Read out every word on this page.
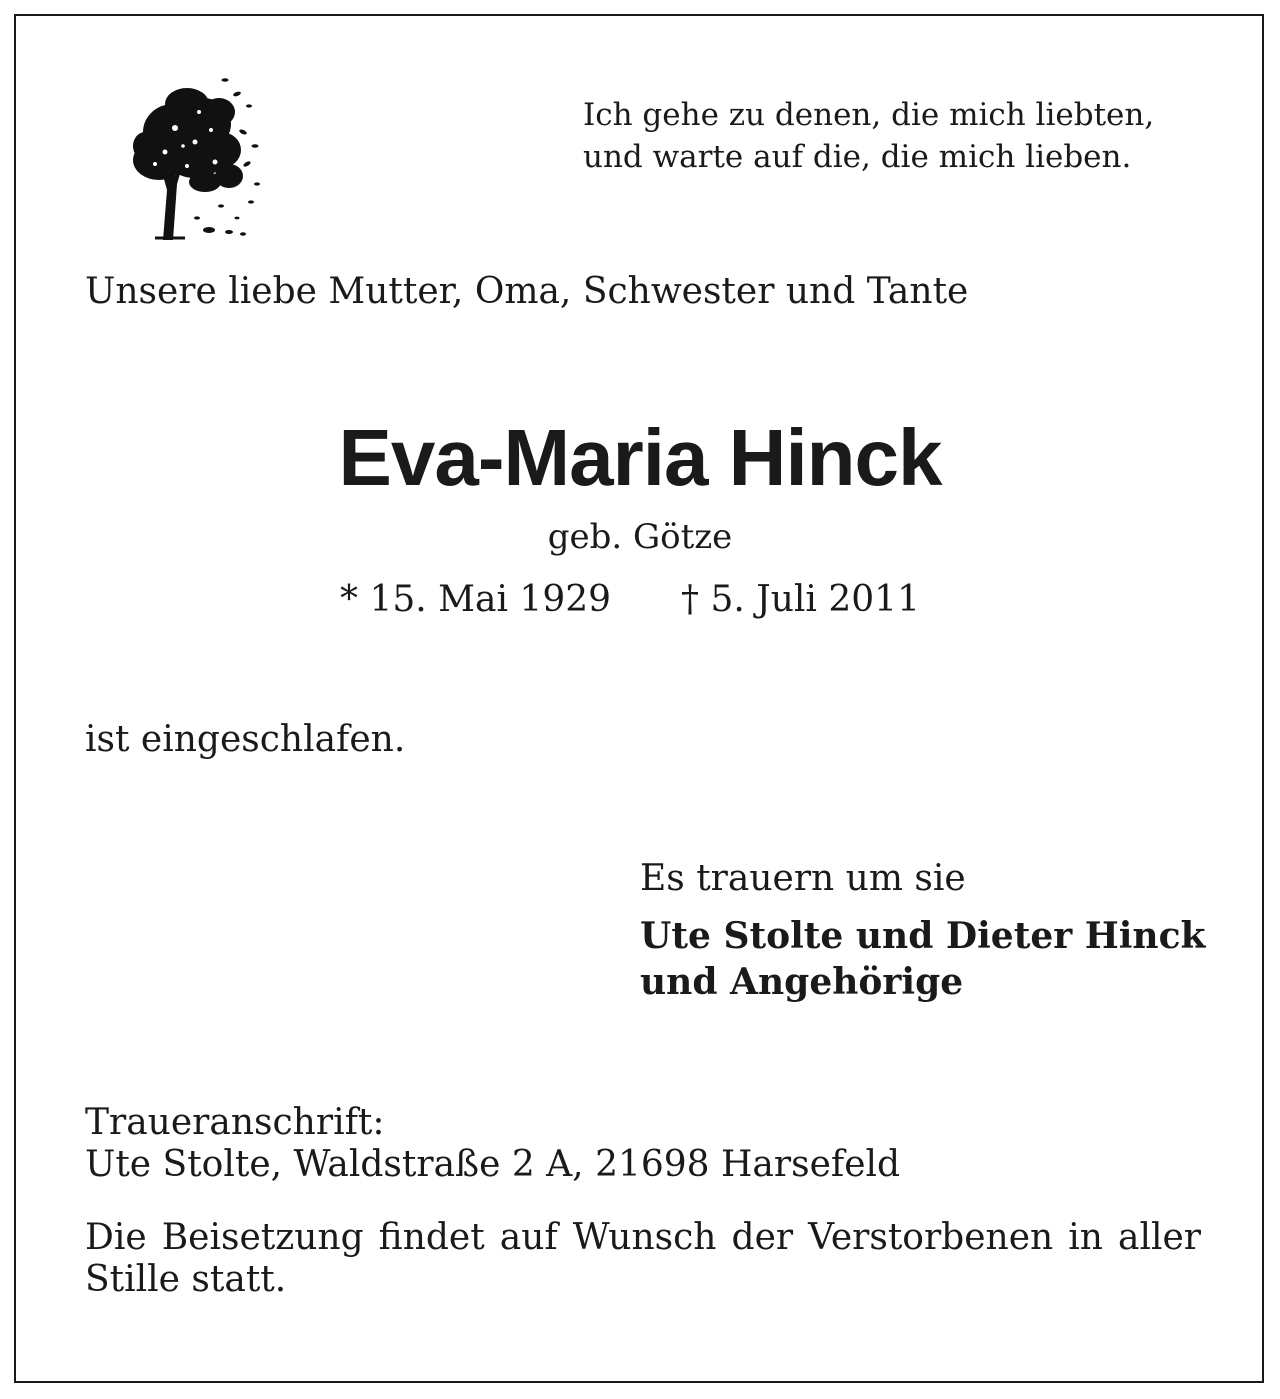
Ich gehe zu denen, die mich liebten,
und warte auf die, die mich lieben.

Unsere liebe Mutter, Oma, Schwester und Tante

Eva-Maria Hinck

geb. Götze

* 15. Mai 1929 † 5. Juli 2011

ist eingeschlafen.

Es trauern um sie

Ute Stolte und Dieter Hinck
und Angehörige
Traueranschrift:
Ute Stolte, Waldstraße 2 A, 21698 Harsefeld

Die Beisetzung findet auf Wunsch der Verstorbenen in aller Stille statt.
